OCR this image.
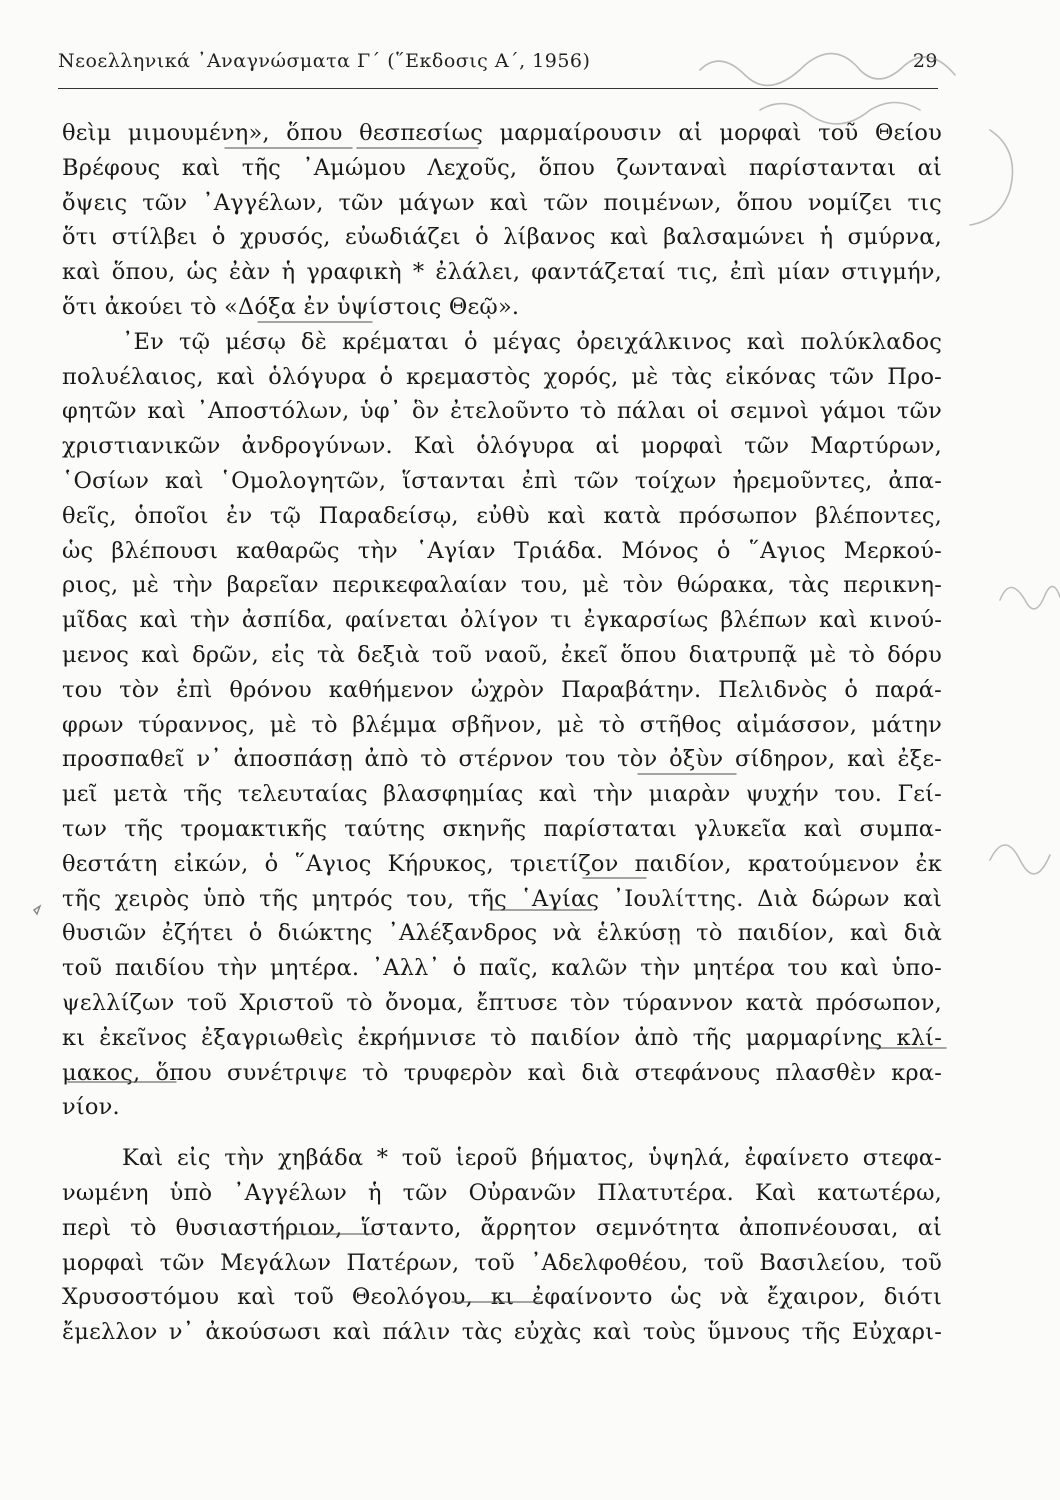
Νεοελληνικά ᾿Αναγνώσματα Γ΄ (῞Εκδοσις Α΄, 1956)	29
θεὶμ μιμουμένη», ὅπου θεσπεσίως μαρμαίρουσιν αἱ μορφαὶ τοῦ Θείου
Βρέφους καὶ τῆς ᾿Αμώμου Λεχοῦς, ὅπου ζωνταναὶ παρίστανται αἱ
ὄψεις τῶν ᾿Αγγέλων, τῶν μάγων καὶ τῶν ποιμένων, ὅπου νομίζει τις
ὅτι στίλβει ὁ χρυσός, εὐωδιάζει ὁ λίβανος καὶ βαλσαμώνει ἡ σμύρνα,
καὶ ὅπου, ὡς ἐὰν ἡ γραφικὴ * ἐλάλει, φαντάζεταί τις, ἐπὶ μίαν στιγμήν,
ὅτι ἀκούει τὸ «Δόξα ἐν ὑψίστοις Θεῷ».
᾿Εν τῷ μέσῳ δὲ κρέμαται ὁ μέγας ὀρειχάλκινος καὶ πολύκλαδος
πολυέλαιος, καὶ ὁλόγυρα ὁ κρεμαστὸς χορός, μὲ τὰς εἰκόνας τῶν Προ-
φητῶν καὶ ᾿Αποστόλων, ὑφ᾿ ὃν ἐτελοῦντο τὸ πάλαι οἱ σεμνοὶ γάμοι τῶν
χριστιανικῶν ἀνδρογύνων. Καὶ ὁλόγυρα αἱ μορφαὶ τῶν Μαρτύρων,
῾Οσίων καὶ ῾Ομολογητῶν, ἵστανται ἐπὶ τῶν τοίχων ἠρεμοῦντες, ἀπα-
θεῖς, ὁποῖοι ἐν τῷ Παραδείσῳ, εὐθὺ καὶ κατὰ πρόσωπον βλέποντες,
ὡς βλέπουσι καθαρῶς τὴν ῾Αγίαν Τριάδα. Μόνος ὁ ῞Αγιος Μερκού-
ριος, μὲ τὴν βαρεῖαν περικεφαλαίαν του, μὲ τὸν θώρακα, τὰς περικνη-
μῖδας καὶ τὴν ἀσπίδα, φαίνεται ὀλίγον τι ἐγκαρσίως βλέπων καὶ κινού-
μενος καὶ δρῶν, εἰς τὰ δεξιὰ τοῦ ναοῦ, ἐκεῖ ὅπου διατρυπᾷ μὲ τὸ δόρυ
του τὸν ἐπὶ θρόνου καθήμενον ὠχρὸν Παραβάτην. Πελιδνὸς ὁ παρά-
φρων τύραννος, μὲ τὸ βλέμμα σβῆνον, μὲ τὸ στῆθος αἱμάσσον, μάτην
προσπαθεῖ ν᾿ ἀποσπάσῃ ἀπὸ τὸ στέρνον του τὸν ὀξὺν σίδηρον, καὶ ἐξε-
μεῖ μετὰ τῆς τελευταίας βλασφημίας καὶ τὴν μιαρὰν ψυχήν του. Γεί-
των τῆς τρομακτικῆς ταύτης σκηνῆς παρίσταται γλυκεῖα καὶ συμπα-
θεστάτη εἰκών, ὁ ῞Αγιος Κήρυκος, τριετίζον παιδίον, κρατούμενον ἐκ
τῆς χειρὸς ὑπὸ τῆς μητρός του, τῆς ῾Αγίας ᾿Ιουλίττης. Διὰ δώρων καὶ
θυσιῶν ἐζήτει ὁ διώκτης ᾿Αλέξανδρος νὰ ἑλκύσῃ τὸ παιδίον, καὶ διὰ
τοῦ παιδίου τὴν μητέρα. ᾿Αλλ᾿ ὁ παῖς, καλῶν τὴν μητέρα του καὶ ὑπο-
ψελλίζων τοῦ Χριστοῦ τὸ ὄνομα, ἔπτυσε τὸν τύραννον κατὰ πρόσωπον,
κι ἐκεῖνος ἐξαγριωθεὶς ἐκρήμνισε τὸ παιδίον ἀπὸ τῆς μαρμαρίνης κλί-
μακος, ὅπου συνέτριψε τὸ τρυφερὸν καὶ διὰ στεφάνους πλασθὲν κρα-
νίον.
Καὶ εἰς τὴν χηβάδα * τοῦ ἱεροῦ βήματος, ὑψηλά, ἐφαίνετο στεφα-
νωμένη ὑπὸ ᾿Αγγέλων ἡ τῶν Οὐρανῶν Πλατυτέρα. Καὶ κατωτέρω,
περὶ τὸ θυσιαστήριον, ἵσταντο, ἄρρητον σεμνότητα ἀποπνέουσαι, αἱ
μορφαὶ τῶν Μεγάλων Πατέρων, τοῦ ᾿Αδελφοθέου, τοῦ Βασιλείου, τοῦ
Χρυσοστόμου καὶ τοῦ Θεολόγου, κι ἐφαίνοντο ὡς νὰ ἔχαιρον, διότι
ἔμελλον ν᾿ ἀκούσωσι καὶ πάλιν τὰς εὐχὰς καὶ τοὺς ὕμνους τῆς Εὐχαρι-
